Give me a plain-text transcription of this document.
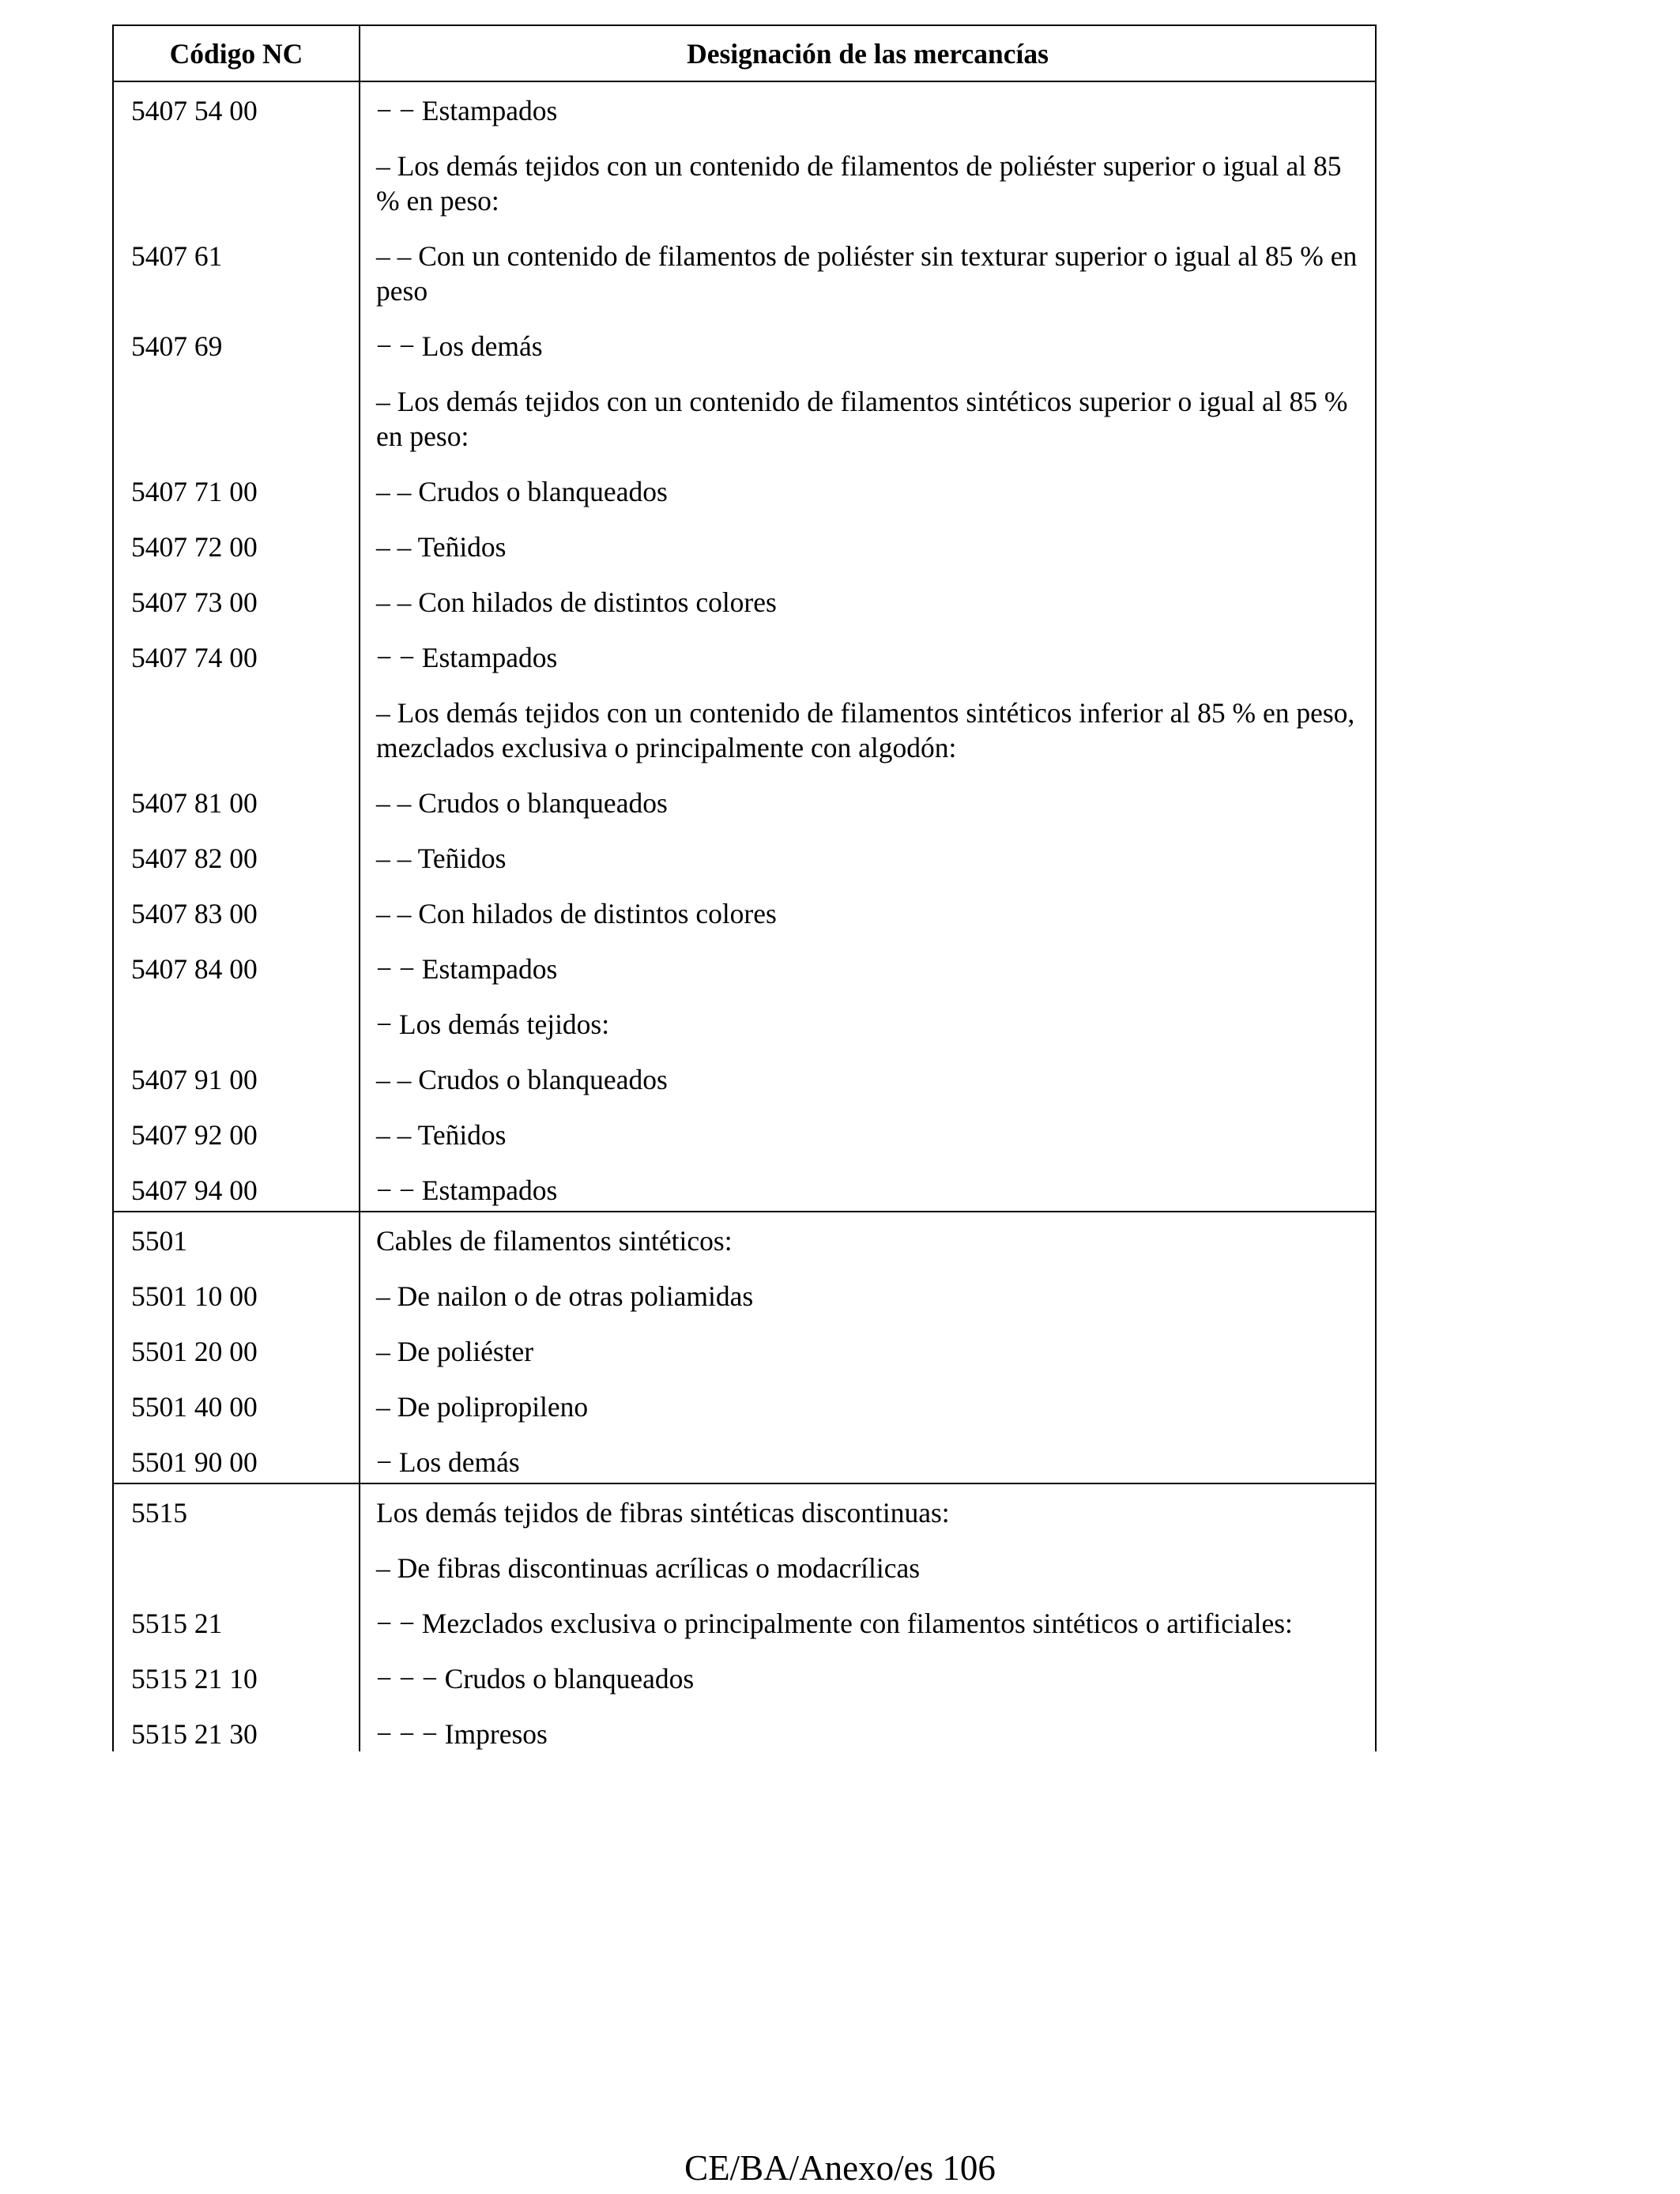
Código NC	Designación de las mercancías
5407 54 00	− − Estampados
	– Los demás tejidos con un contenido de filamentos de poliéster superior o igual al 85 % en peso:
5407 61	– – Con un contenido de filamentos de poliéster sin texturar superior o igual al 85 % en peso
5407 69	− − Los demás
	– Los demás tejidos con un contenido de filamentos sintéticos superior o igual al 85 % en peso:
5407 71 00	– – Crudos o blanqueados
5407 72 00	– – Teñidos
5407 73 00	– – Con hilados de distintos colores
5407 74 00	− − Estampados
	– Los demás tejidos con un contenido de filamentos sintéticos inferior al 85 % en peso, mezclados exclusiva o principalmente con algodón:
5407 81 00	– – Crudos o blanqueados
5407 82 00	– – Teñidos
5407 83 00	– – Con hilados de distintos colores
5407 84 00	− − Estampados
	− Los demás tejidos:
5407 91 00	– – Crudos o blanqueados
5407 92 00	– – Teñidos
5407 94 00	− − Estampados
5501	Cables de filamentos sintéticos:
5501 10 00	– De nailon o de otras poliamidas
5501 20 00	– De poliéster
5501 40 00	– De polipropileno
5501 90 00	− Los demás
5515	Los demás tejidos de fibras sintéticas discontinuas:
	– De fibras discontinuas acrílicas o modacrílicas
5515 21	− − Mezclados exclusiva o principalmente con filamentos sintéticos o artificiales:
5515 21 10	− − − Crudos o blanqueados
5515 21 30	− − − Impresos
CE/BA/Anexo/es 106
